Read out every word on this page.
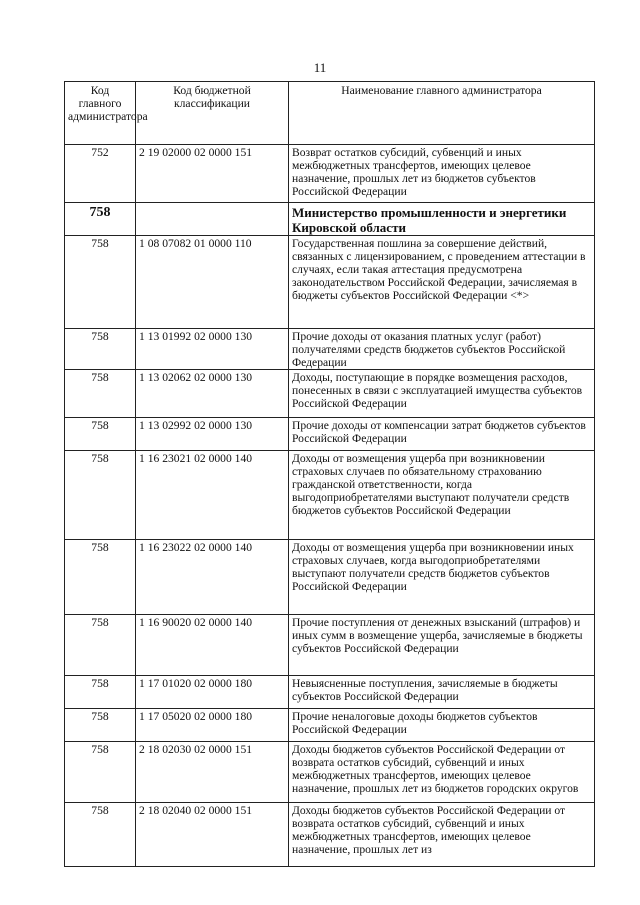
11
Код главного администратора	Код бюджетной классификации	Наименование главного администратора
752	2 19 02000 02 0000 151	Возврат остатков субсидий, субвенций и иных межбюджетных трансфертов, имеющих целевое назначение, прошлых лет из бюджетов субъектов Российской Федерации
758		Министерство промышленности и энергетики Кировской области
758	1 08 07082 01 0000 110	Государственная пошлина за совершение действий, связанных с лицензированием, с проведением аттестации в случаях, если такая аттестация предусмотрена законодательством Российской Федерации, зачисляемая в бюджеты субъектов Российской Федерации <*>
758	1 13 01992 02 0000 130	Прочие доходы от оказания платных услуг (работ) получателями средств бюджетов субъектов Российской Федерации
758	1 13 02062 02 0000 130	Доходы, поступающие в порядке возмещения расходов, понесенных в связи с эксплуатацией имущества субъектов Российской Федерации
758	1 13 02992 02 0000 130	Прочие доходы от компенсации затрат бюджетов субъектов Российской Федерации
758	1 16 23021 02 0000 140	Доходы от возмещения ущерба при возникновении страховых случаев по обязательному страхованию гражданской ответственности, когда выгодоприобретателями выступают получатели средств бюджетов субъектов Российской Федерации
758	1 16 23022 02 0000 140	Доходы от возмещения ущерба при возникновении иных страховых случаев, когда выгодоприобретателями выступают получатели средств бюджетов субъектов Российской Федерации
758	1 16 90020 02 0000 140	Прочие поступления от денежных взысканий (штрафов) и иных сумм в возмещение ущерба, зачисляемые в бюджеты субъектов Российской Федерации
758	1 17 01020 02 0000 180	Невыясненные поступления, зачисляемые в бюджеты субъектов Российской Федерации
758	1 17 05020 02 0000 180	Прочие неналоговые доходы бюджетов субъектов Российской Федерации
758	2 18 02030 02 0000 151	Доходы бюджетов субъектов Российской Федерации от возврата остатков субсидий, субвенций и иных межбюджетных трансфертов, имеющих целевое назначение, прошлых лет из бюджетов городских округов
758	2 18 02040 02 0000 151	Доходы бюджетов субъектов Российской Федерации от возврата остатков субсидий, субвенций и иных межбюджетных трансфертов, имеющих целевое назначение, прошлых лет из
